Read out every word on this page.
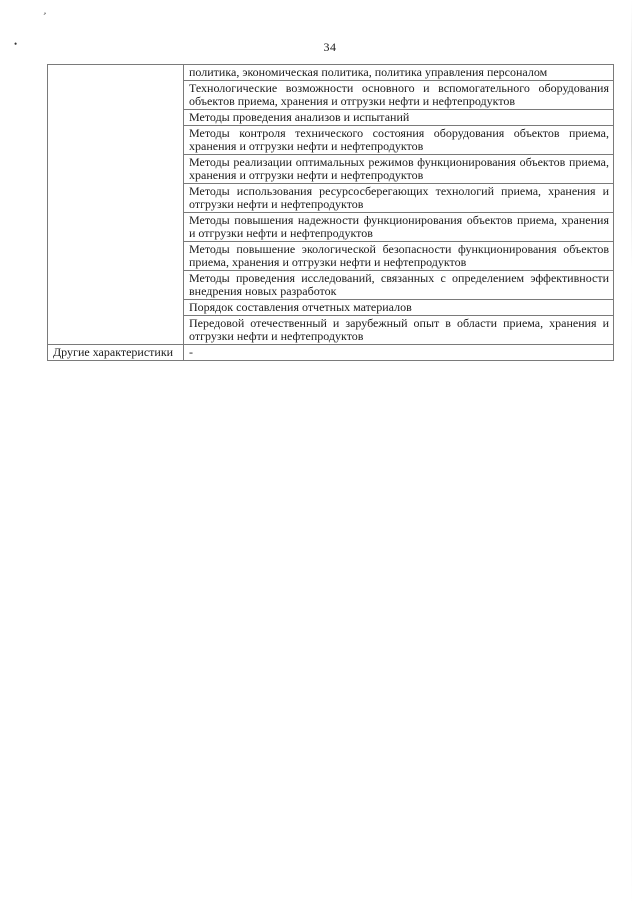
ʼ
•	34
	политика, экономическая политика, политика управления персоналом
	Технологические возможности основного и вспомогательного оборудования объектов приема, хранения и отгрузки нефти и нефтепродуктов
	Методы проведения анализов и испытаний
	Методы контроля технического состояния оборудования объектов приема, хранения и отгрузки нефти и нефтепродуктов
	Методы реализации оптимальных режимов функционирования объектов приема, хранения и отгрузки нефти и нефтепродуктов
	Методы использования ресурсосберегающих технологий приема, хранения и отгрузки нефти и нефтепродуктов
	Методы повышения надежности функционирования объектов приема, хранения и отгрузки нефти и нефтепродуктов
	Методы повышение экологической безопасности функционирования объектов приема, хранения и отгрузки нефти и нефтепродуктов
	Методы проведения исследований, связанных с определением эффективности внедрения новых разработок
	Порядок составления отчетных материалов
	Передовой отечественный и зарубежный опыт в области приема, хранения и отгрузки нефти и нефтепродуктов
Другие характеристики	-
